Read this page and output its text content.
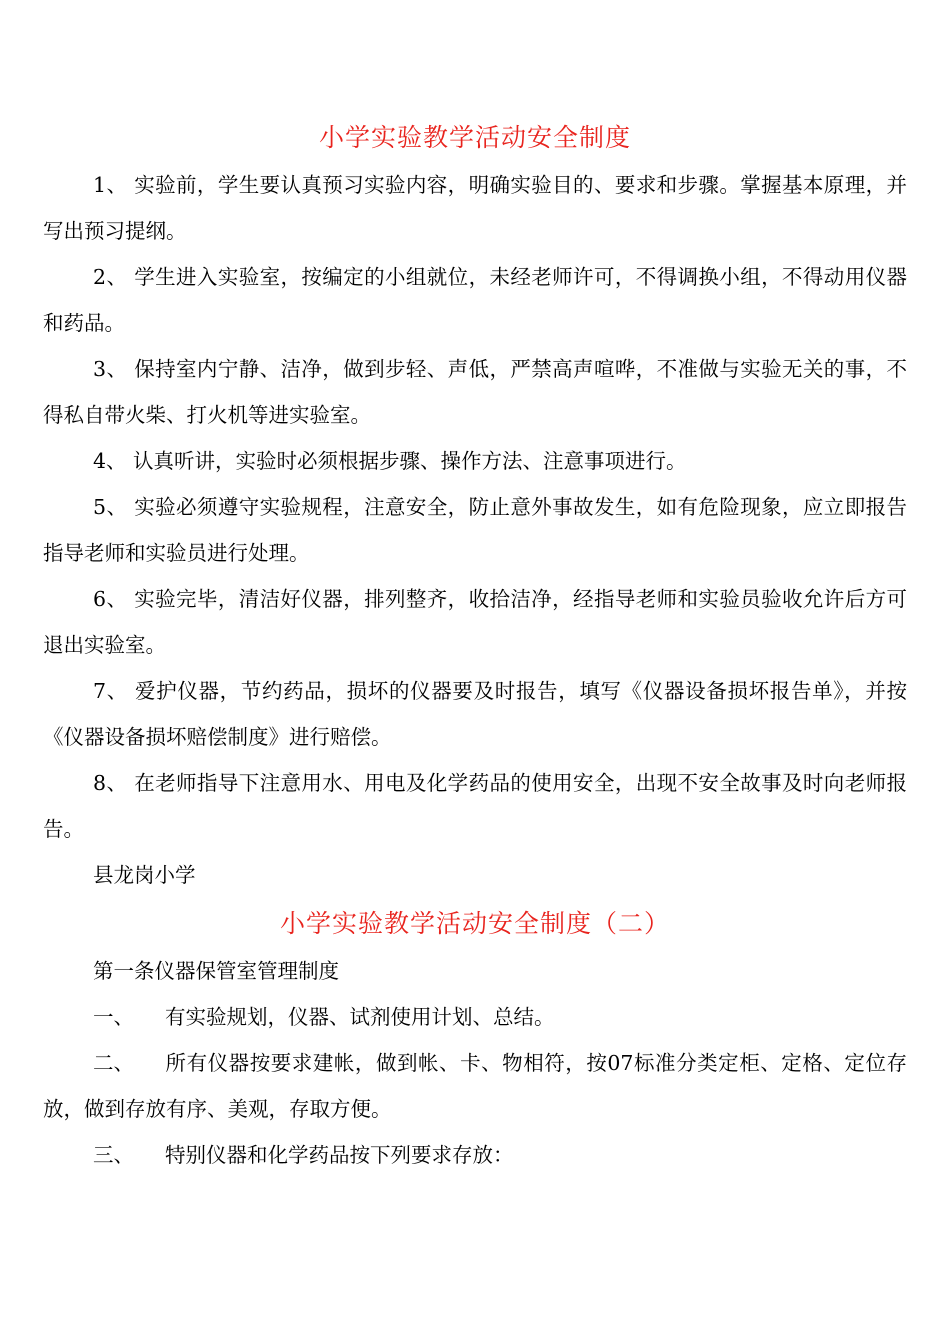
小学实验教学活动安全制度
1、 实验前，学生要认真预习实验内容，明确实验目的、要求和步骤。掌握基本原理，并写出预习提纲。
2、 学生进入实验室，按编定的小组就位，未经老师许可，不得调换小组，不得动用仪器和药品。
3、 保持室内宁静、洁净，做到步轻、声低，严禁高声喧哗，不准做与实验无关的事，不得私自带火柴、打火机等进实验室。
4、 认真听讲，实验时必须根据步骤、操作方法、注意事项进行。
5、 实验必须遵守实验规程，注意安全，防止意外事故发生，如有危险现象，应立即报告指导老师和实验员进行处理。
6、 实验完毕，清洁好仪器，排列整齐，收拾洁净，经指导老师和实验员验收允许后方可退出实验室。
7、 爱护仪器，节约药品，损坏的仪器要及时报告，填写《仪器设备损坏报告单》，并按《仪器设备损坏赔偿制度》进行赔偿。
8、 在老师指导下注意用水、用电及化学药品的使用安全，出现不安全故事及时向老师报告。
县龙岗小学
小学实验教学活动安全制度（二）
第一条仪器保管室管理制度
一、 有实验规划，仪器、试剂使用计划、总结。
二、 所有仪器按要求建帐，做到帐、卡、物相符，按07标准分类定柜、定格、定位存放，做到存放有序、美观，存取方便。
三、 特别仪器和化学药品按下列要求存放：
